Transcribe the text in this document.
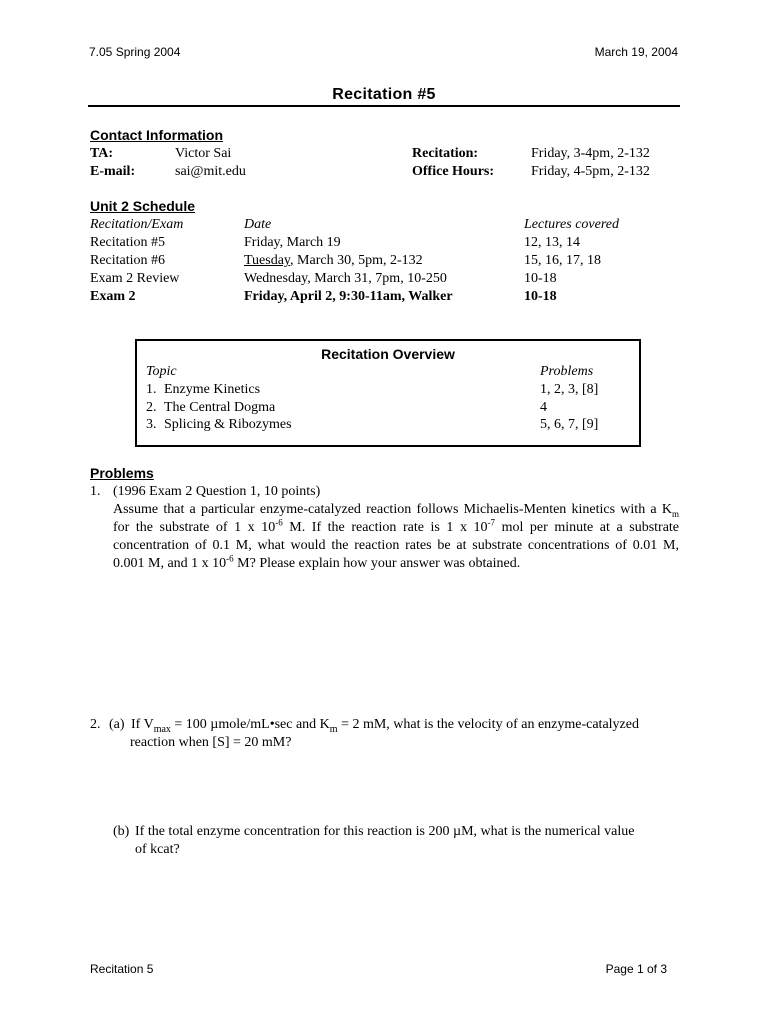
7.05 Spring 2004	March 19, 2004
Recitation #5
Contact Information
TA:	Victor Sai	Recitation:	Friday, 3-4pm, 2-132
E-mail:	sai@mit.edu	Office Hours:	Friday, 4-5pm, 2-132
Unit 2 Schedule
Recitation/Exam	Date	Lectures covered
Recitation #5	Friday, March 19	12, 13, 14
Recitation #6	Tuesday, March 30, 5pm, 2-132	15, 16, 17, 18
Exam 2 Review	Wednesday, March 31, 7pm, 10-250	10-18
Exam 2	Friday, April 2, 9:30-11am, Walker	10-18
Recitation Overview
Topic	Problems
1. Enzyme Kinetics	1, 2, 3, [8]
2. The Central Dogma	4
3. Splicing & Ribozymes	5, 6, 7, [9]
Problems
1. (1996 Exam 2 Question 1, 10 points)
Assume that a particular enzyme-catalyzed reaction follows Michaelis-Menten kinetics with a $K_m$ for the substrate of 1 x $10^{-6}$ M. If the reaction rate is 1 x $10^{-7}$ mol per minute at a substrate concentration of 0.1 M, what would the reaction rates be at substrate concentrations of 0.01 M, 0.001 M, and 1 x $10^{-6}$ M? Please explain how your answer was obtained.
2. (a) If $V_{max} = 100$ µmole/mL•sec and $K_m = 2$ mM, what is the velocity of an enzyme-catalyzed
reaction when [S] = 20 mM?
(b) If the total enzyme concentration for this reaction is 200 µM, what is the numerical value
of kcat?
Recitation 5	Page 1 of 3
